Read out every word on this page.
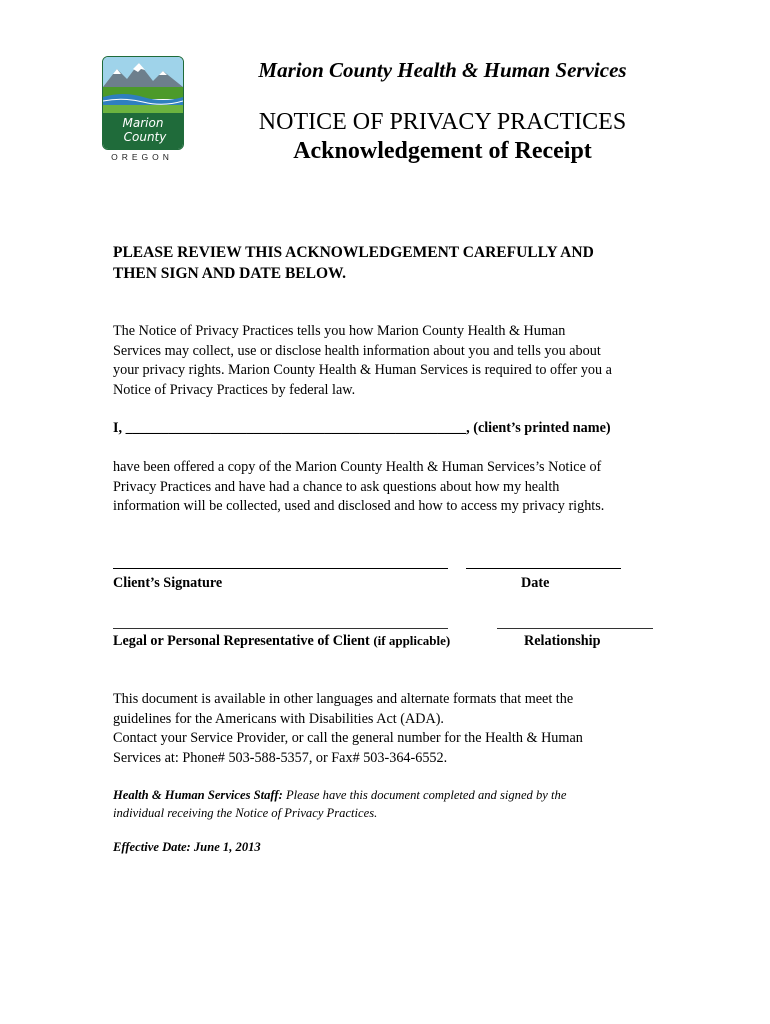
Marion
County
OREGON
Marion County Health & Human Services
NOTICE OF PRIVACY PRACTICES
Acknowledgement of Receipt
PLEASE REVIEW THIS ACKNOWLEDGEMENT CAREFULLY AND
THEN SIGN AND DATE BELOW.
The Notice of Privacy Practices tells you how Marion County Health & Human
Services may collect, use or disclose health information about you and tells you about
your privacy rights. Marion County Health & Human Services is required to offer you a
Notice of Privacy Practices by federal law.
I, ________________________________________________, (client’s printed name)
have been offered a copy of the Marion County Health & Human Services’s Notice of
Privacy Practices and have had a chance to ask questions about how my health
information will be collected, used and disclosed and how to access my privacy rights.
Client’s Signature	Date
Legal or Personal Representative of Client (if applicable)	Relationship
This document is available in other languages and alternate formats that meet the
guidelines for the Americans with Disabilities Act (ADA).
Contact your Service Provider, or call the general number for the Health & Human
Services at: Phone# 503-588-5357, or Fax# 503-364-6552.
Health & Human Services Staff: Please have this document completed and signed by the
individual receiving the Notice of Privacy Practices.
Effective Date: June 1, 2013
